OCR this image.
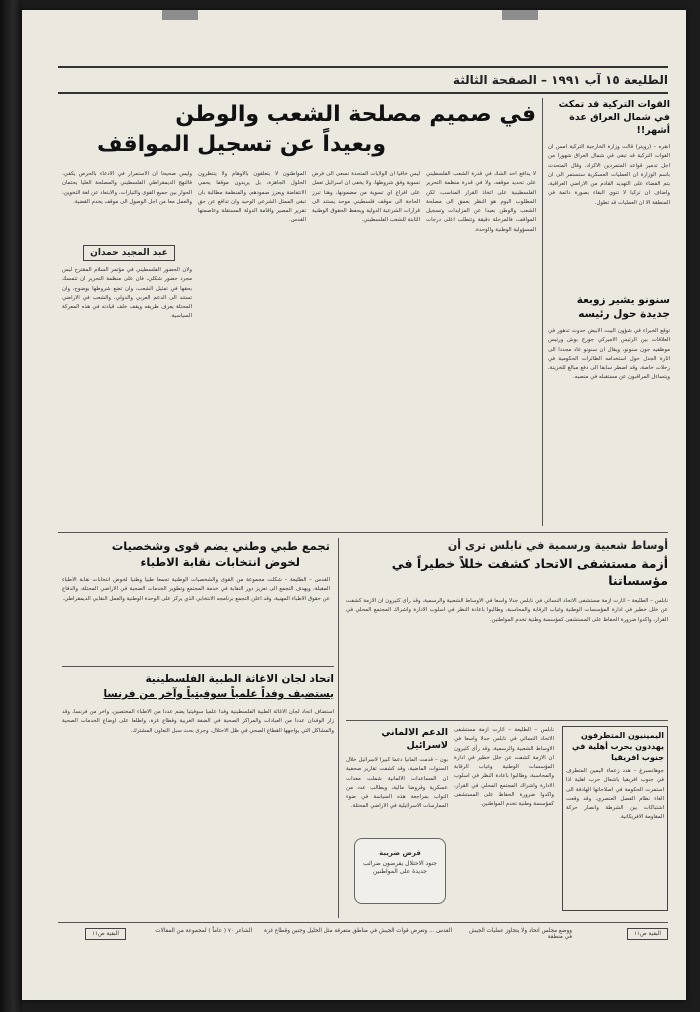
الطليعة ١٥ آب ١٩٩١ – الصفحة الثالثة
القوات التركية قد تمكث في شمال العراق عدة أشهر!!
انقره – (رويتر) قالت وزارة الخارجية التركية امس ان القوات التركية قد تبقى في شمال العراق شهورا من اجل تدمير قواعد المتمردين الاكراد، وقال المتحدث باسم الوزارة ان العمليات العسكرية ستستمر الى ان يتم القضاء على التهديد القادم من الاراضي العراقية، واضاف ان تركيا لا تنوي البقاء بصورة دائمة في المنطقة الا ان العمليات قد تطول.
سنونو يشير زوبعة جديدة حول رئيسه
توقع الخبراء في شؤون البيت الابيض حدوث تدهور في العلاقات بين الرئيس الاميركي جورج بوش ورئيس موظفيه جون سنونو، ويقال ان سنونو عاد مجددا الى اثارة الجدل حول استخدامه الطائرات الحكومية في رحلات خاصة، وقد اضطر سابقا الى دفع مبالغ للخزينة، ويتساءل المراقبون عن مستقبله في منصبه.
في صميم مصلحة الشعب والوطن
وبعيداً عن تسجيل المواقف
لا يدافع احد الشك في قدرة الشعب الفلسطيني على تحديد موقفه، ولا في قدرة منظمة التحرير الفلسطينية على اتخاذ القرار المناسب، لكن المطلوب اليوم هو النظر بعمق الى مصلحة الشعب والوطن بعيدا عن المزايدات وتسجيل المواقف، فالمرحلة دقيقة وتتطلب اعلى درجات المسؤولية الوطنية والوحدة.
ليس خافيا ان الولايات المتحدة تسعى الى فرض تسوية وفق شروطها، ولا يخفى ان اسرائيل تعمل على افراغ اي تسوية من مضمونها، وهنا تبرز الحاجة الى موقف فلسطيني موحد يستند الى قرارات الشرعية الدولية ويحفظ الحقوق الوطنية الثابتة للشعب الفلسطيني.
المواطنون لا يتعلقون بالاوهام ولا ينتظرون الحلول الجاهزة، بل يريدون موقفا يحمي الانتفاضة ويعزز صمودهم، والمنظمة مطالبة بان تبقى الممثل الشرعي الوحيد وان تدافع عن حق تقرير المصير واقامة الدولة المستقلة وعاصمتها القدس.
وليس صحيحا ان الاستمرار في الادعاء بالحرص يكفي، فالنهج الديمقراطي الفلسطيني والمصلحة العليا يحتمان الحوار بين جميع القوى والتيارات، والابتعاد عن لغة التخوين، والعمل معا من اجل الوصول الى موقف يخدم القضية.
عبد المجيد حمدان
ولان الحضور الفلسطيني في مؤتمر السلام المقترح ليس مجرد حضور شكلي، فان على منظمة التحرير ان تتمسك بحقها في تمثيل الشعب، وان تضع شروطها بوضوح، وان تستند الى الدعم العربي والدولي، والشعب في الاراضي المحتلة يعرف طريقه ويقف خلف قيادته في هذه المعركة السياسية.
تجمع طبي وطني يضم قوى وشخصيات
لخوض انتخابات نقابة الاطباء
القدس – الطليعة – شكلت مجموعة من القوى والشخصيات الوطنية تجمعا طبيا وطنيا لخوض انتخابات نقابة الاطباء المقبلة، ويهدف التجمع الى تعزيز دور النقابة في خدمة المجتمع وتطوير الخدمات الصحية في الاراضي المحتلة، والدفاع عن حقوق الاطباء المهنية، وقد اعلن التجمع برنامجه الانتخابي الذي يركز على الوحدة الوطنية والعمل النقابي الديمقراطي.
أوساط شعبية ورسمية في نابلس ترى أن
أزمة مستشفى الاتحاد كشفت خللاً خطيراً في مؤسساتنا
نابلس – الطليعة – اثارت ازمة مستشفى الاتحاد النسائي في نابلس جدلا واسعا في الاوساط الشعبية والرسمية، وقد رأى كثيرون ان الازمة كشفت عن خلل خطير في ادارة المؤسسات الوطنية وغياب الرقابة والمحاسبة، وطالبوا باعادة النظر في اسلوب الادارة واشراك المجتمع المحلي في القرار، واكدوا ضرورة الحفاظ على المستشفى كمؤسسة وطنية تخدم المواطنين.
اتحاد لجان الاغاثة الطبية الفلسطينية
يستضيف وفداً علمياً سوفيتياً وآخر من فرنسا
استضاف اتحاد لجان الاغاثة الطبية الفلسطينية وفدا علميا سوفيتيا يضم عددا من الاطباء المختصين، واخر من فرنسا، وقد زار الوفدان عددا من العيادات والمراكز الصحية في الضفة الغربية وقطاع غزة، واطلعا على اوضاع الخدمات الصحية والمشاكل التي يواجهها القطاع الصحي في ظل الاحتلال، وجرى بحث سبل التعاون المشترك.	الدعم الالماني لاسرائيل
بون – قدمت المانيا دعما كبيرا لاسرائيل خلال السنوات الماضية، وقد كشفت تقارير صحفية ان المساعدات الالمانية شملت معدات عسكرية وقروضا مالية، ويطالب عدد من النواب بمراجعة هذه السياسة في ضوء الممارسات الاسرائيلية في الاراضي المحتلة.
فرض ضريبة
جنود الاحتلال يفرضون ضرائب جديدة على المواطنين
نابلس – الطليعة – اثارت ازمة مستشفى الاتحاد النسائي في نابلس جدلا واسعا في الاوساط الشعبية والرسمية، وقد رأى كثيرون ان الازمة كشفت عن خلل خطير في ادارة المؤسسات الوطنية وغياب الرقابة والمحاسبة، وطالبوا باعادة النظر في اسلوب الادارة واشراك المجتمع المحلي في القرار، واكدوا ضرورة الحفاظ على المستشفى كمؤسسة وطنية تخدم المواطنين.
اليمينيون المتطرفون يهددون بحرب أهلية في جنوب افريقيا
جوهانسبرغ – هدد زعماء اليمين المتطرف في جنوب افريقيا باشعال حرب اهلية اذا استمرت الحكومة في اصلاحاتها الهادفة الى الغاء نظام الفصل العنصري، وقد وقعت اشتباكات بين الشرطة وانصار حركة المقاومة الافريكانية.
البقية ص١١
ووضع مجلس اتحاد ولا يتجاوز عمليات الجيش في منطقة
القدس ... وتعرض قوات الجيش في مناطق متفرقة مثل الخليل وجنين وقطاع غزة
الشاعر ٧٠ ( عاماً ) لمجموعة من المقالات
البقية ص١١
